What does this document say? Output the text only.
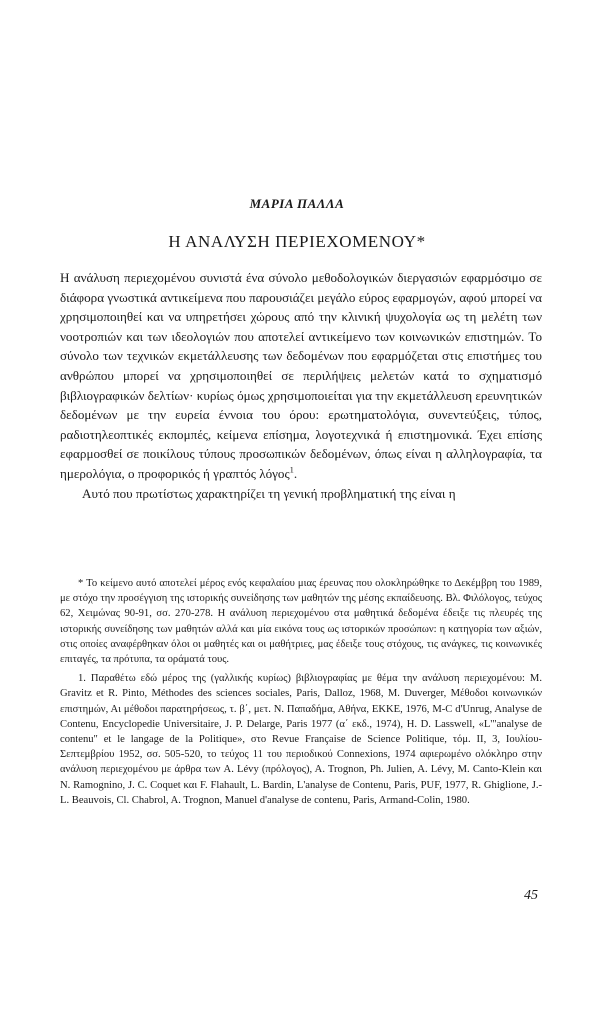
ΜΑΡΙΑ ΠΑΛΛΑ
Η ΑΝΑΛΥΣΗ ΠΕΡΙΕΧΟΜΕΝΟΥ*

Η ανάλυση περιεχομένου συνιστά ένα σύνολο μεθοδολογικών διεργασιών εφαρμόσιμο σε διάφορα γνωστικά αντικείμενα που παρουσιάζει μεγάλο εύρος εφαρμογών, αφού μπορεί να χρησιμοποιηθεί και να υπηρετήσει χώρους από την κλινική ψυχολογία ως τη μελέτη των νοοτροπιών και των ιδεολογιών που αποτελεί αντικείμενο των κοινωνικών επιστημών. Το σύνολο των τεχνικών εκμετάλλευσης των δεδομένων που εφαρμόζεται στις επιστήμες του ανθρώπου μπορεί να χρησιμοποιηθεί σε περιλήψεις μελετών κατά το σχηματισμό βιβλιογραφικών δελτίων· κυρίως όμως χρησιμοποιείται για την εκμετάλλευση ερευνητικών δεδομένων με την ευρεία έννοια του όρου: ερωτηματολόγια, συνεντεύξεις, τύπος, ραδιοτηλεοπτικές εκπομπές, κείμενα επίσημα, λογοτεχνικά ή επιστημονικά. Έχει επίσης εφαρμοσθεί σε ποικίλους τύπους προσωπικών δεδομένων, όπως είναι η αλληλογραφία, τα ημερολόγια, ο προφορικός ή γραπτός λόγος$^1$.

Αυτό που πρωτίστως χαρακτηρίζει τη γενική προβληματική της είναι η

* Το κείμενο αυτό αποτελεί μέρος ενός κεφαλαίου μιας έρευνας που ολοκληρώθηκε το Δεκέμβρη του 1989, με στόχο την προσέγγιση της ιστορικής συνείδησης των μαθητών της μέσης εκπαίδευσης. Βλ. Φιλόλογος, τεύχος 62, Χειμώνας 90-91, σσ. 270-278. Η ανάλυση περιεχομένου στα μαθητικά δεδομένα έδειξε τις πλευρές της ιστορικής συνείδησης των μαθητών αλλά και μία εικόνα τους ως ιστορικών προσώπων: η κατηγορία των αξιών, στις οποίες αναφέρθηκαν όλοι οι μαθητές και οι μαθήτριες, μας έδειξε τους στόχους, τις ανάγκες, τις κοινωνικές επιταγές, τα πρότυπα, τα οράματά τους.

1. Παραθέτω εδώ μέρος της (γαλλικής κυρίως) βιβλιογραφίας με θέμα την ανάλυση περιεχομένου: M. Gravitz et R. Pinto, Méthodes des sciences sociales, Paris, Dalloz, 1968, M. Duverger, Μέθοδοι κοινωνικών επιστημών, Αι μέθοδοι παρατηρήσεως, τ. β΄, μετ. Ν. Παπαδήμα, Αθήνα, ΕΚΚΕ, 1976, M-C d'Unrug, Analyse de Contenu, Encyclopedie Universitaire, J. P. Delarge, Paris 1977 (α΄ εκδ., 1974), H. D. Lasswell, «L'"analyse de contenu" et le langage de la Politique», στο Revue Française de Science Politique, τόμ. II, 3, Ιουλίου-Σεπτεμβρίου 1952, σσ. 505-520, το τεύχος 11 του περιοδικού Connexions, 1974 αφιερωμένο ολόκληρο στην ανάλυση περιεχομένου με άρθρα των A. Lévy (πρόλογος), A. Trognon, Ph. Julien, A. Lévy, M. Canto-Klein και N. Ramognino, J. C. Coquet και F. Flahault, L. Bardin, L'analyse de Contenu, Paris, PUF, 1977, R. Ghiglione, J.-L. Beauvois, Cl. Chabrol, A. Trognon, Manuel d'analyse de contenu, Paris, Armand-Colin, 1980.

45
